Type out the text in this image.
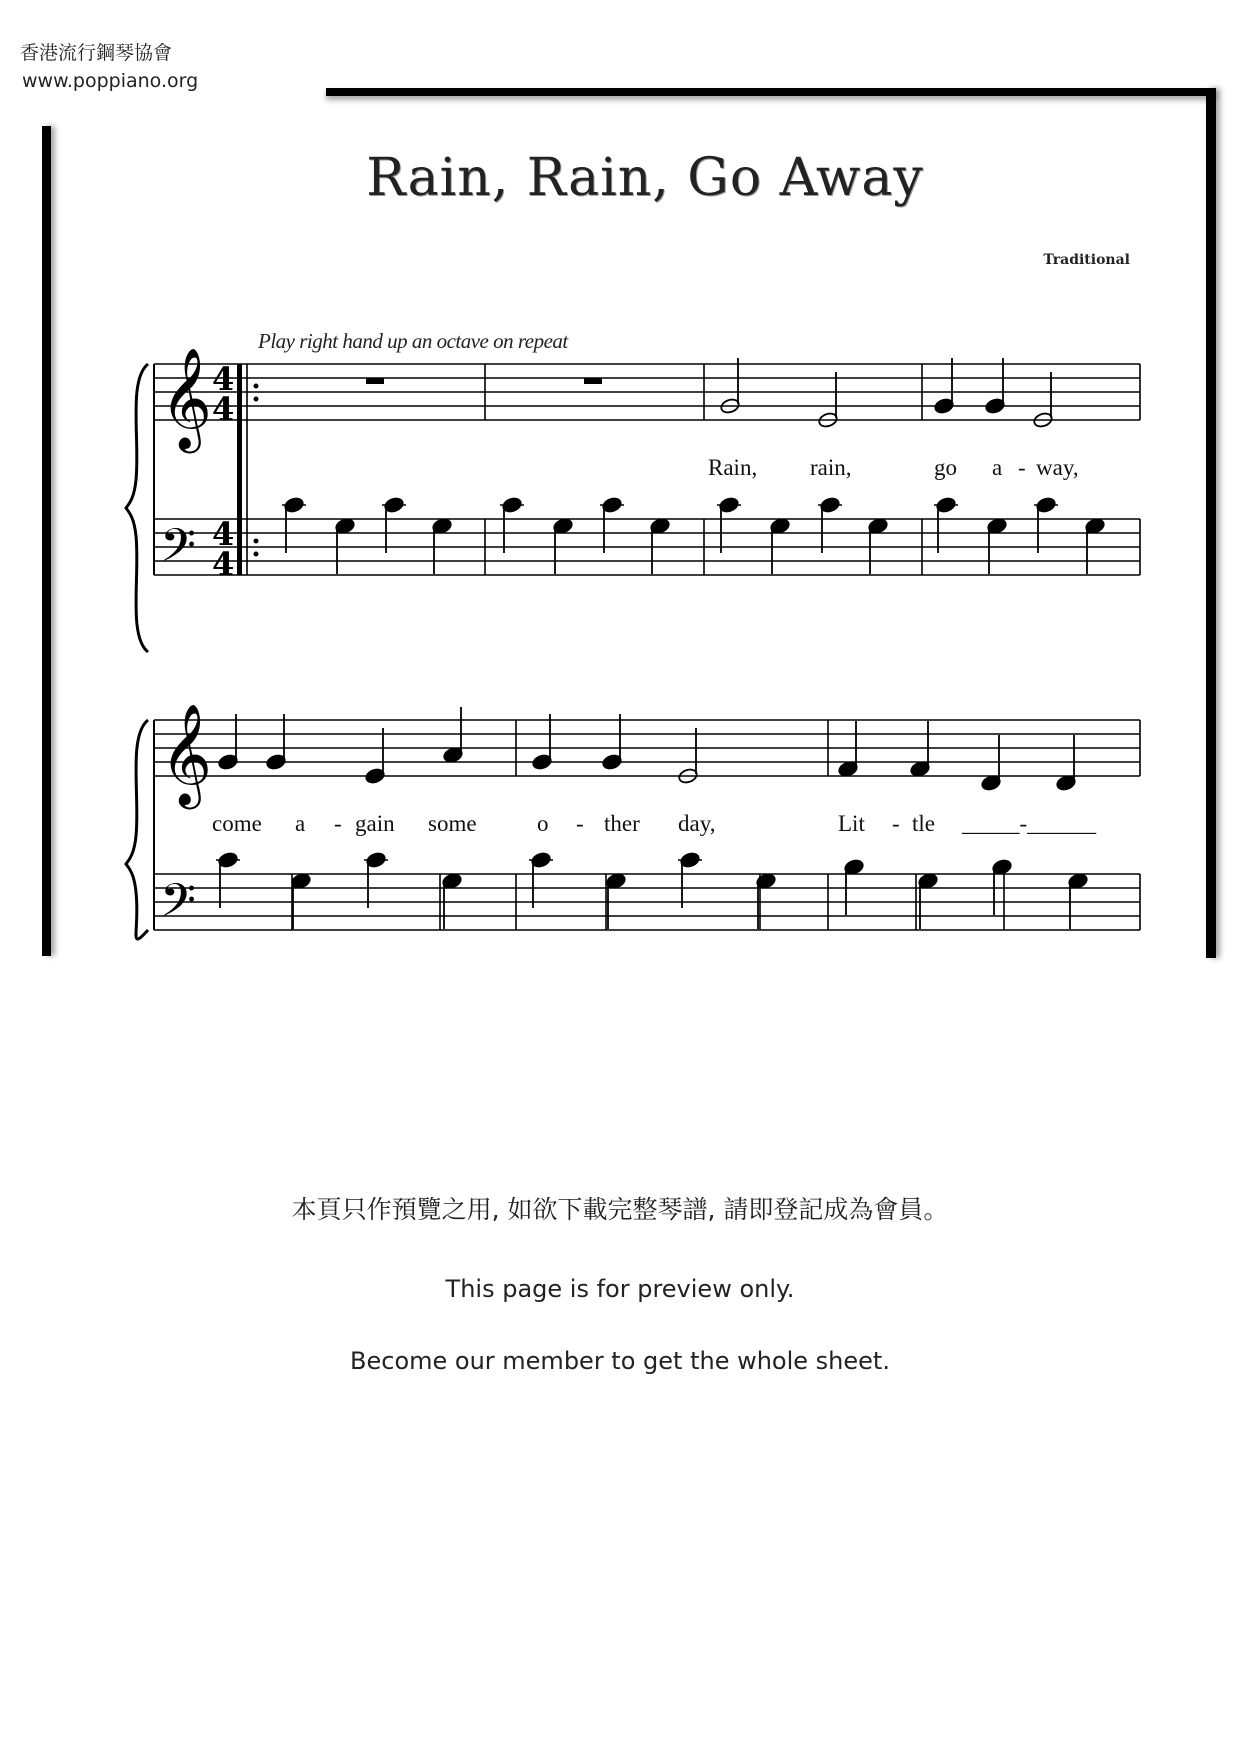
香港流行鋼琴協會
www.poppiano.org
Rain, Rain, Go Away
Traditional
Play right hand up an octave on repeat
𝄞
𝄢
4
4
4
4
𝄞
𝄢
Rain, rain,	go a - way,
come a - gain some	o - ther day,	Lit - tle _____-______
本頁只作預覽之用, 如欲下載完整琴譜, 請即登記成為會員。
This page is for preview only.
Become our member to get the whole sheet.
